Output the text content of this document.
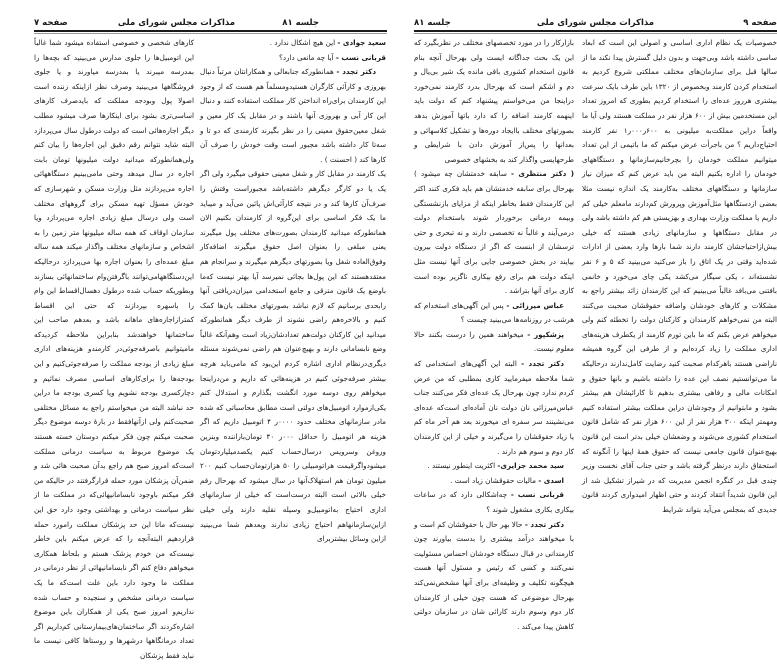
جلسه ۸۱
مذاکرات مجلس شورای ملی
صفحه ۷

سعید جوادی - این هیچ اشکال ندارد .

قربانی نسب - آیا چه مانعی دارد؟

دکتر تجدد - همانطورکه جنابعالی و همکارانتان مرتباً دنبال بهروزی و کارآئی کارگران هستیدومسلماً هم هست که از وجود این کارمندان برای‌راه انداختن کار مملکت استفاده کنند و دنبال این کار آبی و بهروزی آنها باشند و در مقابل یک کار معین و شغل معین‌حقوق معینی را در نظر بگیرند کارمندی که دو تا و سه‌تا کار داشته باشد مجبور است وقت خودش را صرف آن کارها کند ( احسنت ) .

یک کارمند در مقابل کار و شغل معینی حقوقی میگیرد ولی اگر یک یا دو کارگر دیگرهم داشته‌باشد مجبوراست وقتش را صرف‌آن کارها کند و در نتیجه کارآئی‌اش پائین می‌آید و میباید ما یک فکر اساسی برای این‌گروه از کارمندان بکنیم الان همانطورکه میدانید کارمندان بصورت‌های مختلف پول میگیرند یعنی مبلغی را بعنوان اصل حقوق میگیرند اضافه‌کار وفوق‌العاده شغل ویا بصورتهای دیگرهم میگیرند و سرانجام هم معتقدهستند که این پول‌ها بجائی نمیرسد آیا بهتر نیست که‌ما باوضع یک قانون مترقی و جامع استخدامی میزان‌دریافتی آنها رابحدی برسانیم که لازم نباشد بصورتهای مختلف بان‌ها کمک کنیم و بالاخره‌هم راضی نشوند از طرف دیگر همانطورکه میدانید این کارکنان دولت‌هم تعدادشان‌زیاد است وهم‌آنکه غالباً وضع نابسامانی دارند و بهیچ‌عنوان هم راضی نمی‌شوند مسئله دیگری‌درنظام اداری اشاره کردم این‌بود که ما‌می‌باید هرچه بیشتر صرفه‌جوئی کنیم در هزینه‌هائی که داریم و من‌دراینجا میخواهم روی دوسه مورد انگشت بگذارم و استدلال کنم یکی‌ازموارد اتومبیل‌های دولتی است مطابق محاسباتی که شده مادر سازمانهای مختلف حدود ۰۰۰۰ر ۴ اتومبیل داریم که اگر هزینه هر اتومبیل را حداقل ۰۰۰ر ۴۰ تومان‌بارانندە وبنزین وروغن وسرویس درسال‌حساب کنیم یکصدمیلیاردتومان میشودواگرقیمت هراتومبیلی را ۵۰ هزارتومان‌حساب کنیم ۲۰۰ میلیون تومان هم استهلاک‌آنها در سال میشود که بهرحال رقم خیلی بالائی است البته درست‌است که خیلی از سازمانهای اداری احتیاج به‌اتومبیل‌و وسیله نقلیه دارند ولی خیلی ازاین‌سازمانهاهم احتیاج زیادی ندارند وبعدهم شما می‌بینید ازاین وسائل بیشتربرای

کارهای شخصی و خصوصی استفاده میشود شما غالباً این اتومبیل‌ها را جلوی مدارس می‌بینید که بچه‌ها را بمدرسه میبرند یا بمدرسه میاورند و یا جلوی فروشگاهها می‌بینید وصرف نظر ازاینکه زننده است اصولا پول وبودجه مملکت که بایدصرف کارهای اساسی‌تری بشود برای اینکارها صرف میشود مطلب دیگر اجاره‌هائی است که دولت درطول سال می‌پردازد البته شاید نتوانم رقم دقیق این اجاره‌ها را بیان کنم ولی‌همانطورکه میدانید دولت میلیونها تومان بابت اجاره در سال میدهد وحتی مامی‌بینیم دستگاههائی اجاره می‌پردازند مثل وزارت مسکن و شهرسازی که خودش مسؤل تهیه مسکن برای گروههای مختلف است ولی درسال مبلغ زیادی اجاره می‌پردازد ویا سازمان اوقاف که همه ساله میلیونها متر زمین را به اشخاص و سازمانهای مختلف واگذار میکند همه ساله مبلغ عمده‌ای را بعنوان اجاره بها می‌پردازد درحالیکه این‌دستگاههامی‌توانند باگرفتن‌وام ساختمانهائی بسازند وبطوریکه حساب شده درطول دهسال‌اقساط این وام را باسهره بپردازند که حتی این اقساط کمترازاجاره‌های ماهانه باشد و بعدهم صاحب این ساختمانها خواهندشد بنابراین ملاحظه کردیدکه ماميتوانيم باصرفه‌جوئی‌در کارمندو هزینه‌های اداری مبلغ زیادی از بودجه مملکت را صرفه‌جوئی‌کنیم و این بودجه‌ها را برای‌کارهای اساسی مصرف نمائیم و دچارکسری بودجه نشویم ویا کسری بودجه ما دراین حد نباشد البته من میخواستم راجع به مسائل مختلفی صحبت‌کنم ولی ازآنهافقط در بارهٔ دوسه موضوع دیگر صحبت میکنم چون فکر میکنم دوستان خسته هستند یک موضوع مربوط به سیاست درمانی مملکت است‌که امروز صبح هم راجع بدآن صحبت هائی شد و ضمن‌آن پزشکان مورد حمله قرارگرفتند در حالیکه من فکر میکنم باوجود نابسامانیهائی‌که در مملکت ما از نظر سیاست درمانی و بهداشتی وجود دارد حق این نیست‌که ماتا این حد پزشکان مملکت رامورد حمله قراردهیم البته‌آنچه را که عرض میکنم باین خاطر نیست‌که من خودم پزشک هستم و بلحاظ همکاری میخواهم دفاع کنم اگر نابسامانیهائی از نظر درمانی در مملکت ما وجود دارد باین علت است‌که ما یک سیاست درمانی مشخص و سنجیده و حساب شده نداریم‌و امروز صبح یکی از همکاران باین موضوع اشاره‌کردند اگر ساختمان‌های‌بیمارستانی کم‌داریم اگر تعداد درمانگاهها درشهرها و روستاها کافی نیست ما نباید فقط پزشکان

صفحه ۹
مذاکرات مجلس شورای ملی
جلسه ۸۱

خصوصیات یک نظام اداری اساسی و اصولی این است که ابعاد ساسی داشته باشد وبی‌جهت و بدون دلیل گسترش پیدا نکند ما از سالها قبل برای سازمان‌های مختلف مملکتی شروع کردیم به استخدام کردن کارمند وبخصوص از ۱۳۲۰ باین طرف بایک سرعت بیشتری هرروز عده‌ای را استخدام کردیم بطوری که امروز تعداد این مستخدمین بیش از ۶۰۰ هزار نفر در مملکت هستند ولی آیا ما واقعاً دراین مملکت‌به میلیونی به ۶۰۰ر۰۰۰ر۱ نفر کارمند احتیاج‌داریم ؟ من باجرأت عرض میکنم که ما باتیمی از این تعداد میتوانیم مملکت خودمان را بچرخانیم‌سازمانها و دستگاههای خودمان را اداره بکنیم البته من باید عرض کنم که میزان نیاز سازمانها و دستگاههای مختلف به‌کارمند یک اندازه نیست مثلا بعضی ازدستگاهها مثل‌آموزش وپرورش کم‌دارند ما‌معلم خیلی کم داریم یا مملکت وزارت بهداری و بهزیستی هم کم داشته باشد ولی در مقابل دستگاهها و سازمانهای زیادی هستند که خیلی بیش‌ازاحتیاجشان کارمند دارند شما بارها وارد بعضی از ادارات شده‌اید وقتی در یک اتاق را باز می‌کنید می‌بینید که ۵ و ۶ نفر نشسته‌اند ، یکی سیگار می‌کشد یکی چای می‌خورد و خانمی بافتنی می‌بافد غالباً می‌بینیم که این کارمندان زائد بیشتر راجع به مشکلات و کارهای خودشان واضافه حقوقشان صحبت می‌کنند البته من نمی‌خواهم کارمندان و کارکنان دولت را تخطئه کنم ولی میخواهم عرض بکنم که ما باین تورم کارمند از یکطرف هزینه‌های اداری مملکت را زیاد کرده‌ایم و از طرفی این گروه همیشه ناراضی هستند باهرکدام صحبت کنید رضایت کامل‌ندارند درحالیکه ما می‌توانستیم نصف این عده را داشته باشیم و بانها حقوق و امکانات مالی و رفاهی بیشتری بدهیم تا کارائیشان هم بیشتر بشود و مابتوانیم از وجودشان دراین مملکت بیشتر استفاده کنیم ومهمتر اینکه ۳۰۰ هزار نفر از این ۶۰۰ هزار نفر که شامل قانون استخدام کشوری می‌شوند و وضعشان خیلی بدتر است این قانون بهیچ‌عنوان قانون جامعی نیست که حقوق همهٔ اینها را آنگونه که استحقاق دارند درنظر گرفته باشد و حتی جناب آقای نخست وزیر چندی قبل در کنگره انجمن مدیریت که در شیراز تشکیل شد از این قانون شدیداً انتقاد کردند و حتی اظهار امیدواری کردند قانون جدیدی که بمجلس می‌آید بتواند شرایط

بازارکار را در مورد تخصصهای مختلف در نظربگیرد که این یک بحث جداگانه ایست ولی بهرحال آنچه بنام قانون استخدام کشوری باقی مانده یک شیر بی‌یال و دم و اشکم است که بهرحال بدرد کارمند نمی‌خورد دراینجا من می‌خواستم پیشنهاد کنم که دولت باید اینهمه کارمند اضافه را که دارد باتها آموزش بدهد بصورتهای مختلف باایجاد دوره‌ها و تشکیل کلاسهائی و بعدانها را پس‌از آموزش دادن با شرایطی و طرحهایسی واگذار کند به بخشهای خصوصی

( دکتر منتظری - سابقه خدمتشان چه میشود ) بهرحال برای سابقه خدمتشان هم باید فکری کنند اکثر این کارمندان فقط بخاطر اینکه از مزایای بازنشستگی وبیمه درمانی برخوردار شوند باستخدام دولت درمی‌آیند و غالباً نه تخصصی دارند و نه تبحری و حتی ترسشان از ابنست که اگر از دستگاه دولت بیرون بیایند در بخش خصوصی جایی برای آنها نیست مثل اینکه دولت هم برای رفع بیکاری ناگزیر بوده است کاری برای آنها بتراشد .

عباس میرزائی - پس این آگهی‌های استخدام که هرشب در روزنامه‌ها می‌بینید چیست ؟

پزشکپور - میخواهند همین را درست بکنند حالا معلوم نیست.

دکتر تجدد - البته این آگهی‌های استخدامی که شما ملاحظه میفرمایید کاری بمطلبی که من عرض کردم ندارد چون بهرحال یک عده‌ای فکر می‌کنند جناب عباس‌میرزائی نان دولت نان آماده‌ای است‌که عده‌ای می‌نشینند سر سفره ای میخورند بعد هم آخر ماه کم یا زیاد حقوقشان را می‌گیرند و خیلی از این کارمندان کار دوم و سوم هم دارند .

سید محمد جزایری- اکثریت اینطور نیستند .

اسدی - مالیات حقوقشان زیاد است .

قربانی نسب - چه‌اشکالی دارد که در ساعات بیکاری بکاری مشغول شوند ؟

دکتر تجدد - حالا بهر حال با حقوقشان کم است و با میخواهند درآمد بیشتری را بدست بیاورند چون کارمندانی در قبال دستگاه خودشان احساس مسئولیت نمی‌کنند و کسی که رئیس و مسئول آنها هست هیچگونه تکلیف و وظیفه‌ای برای آنها مشخص‌نمی‌کند بهرحال موضوعی که هست چون خیلی از کارمندان کار دوم وسوم دارند کارائی شان در سازمان دولتی کاهش پیدا می‌کند .
